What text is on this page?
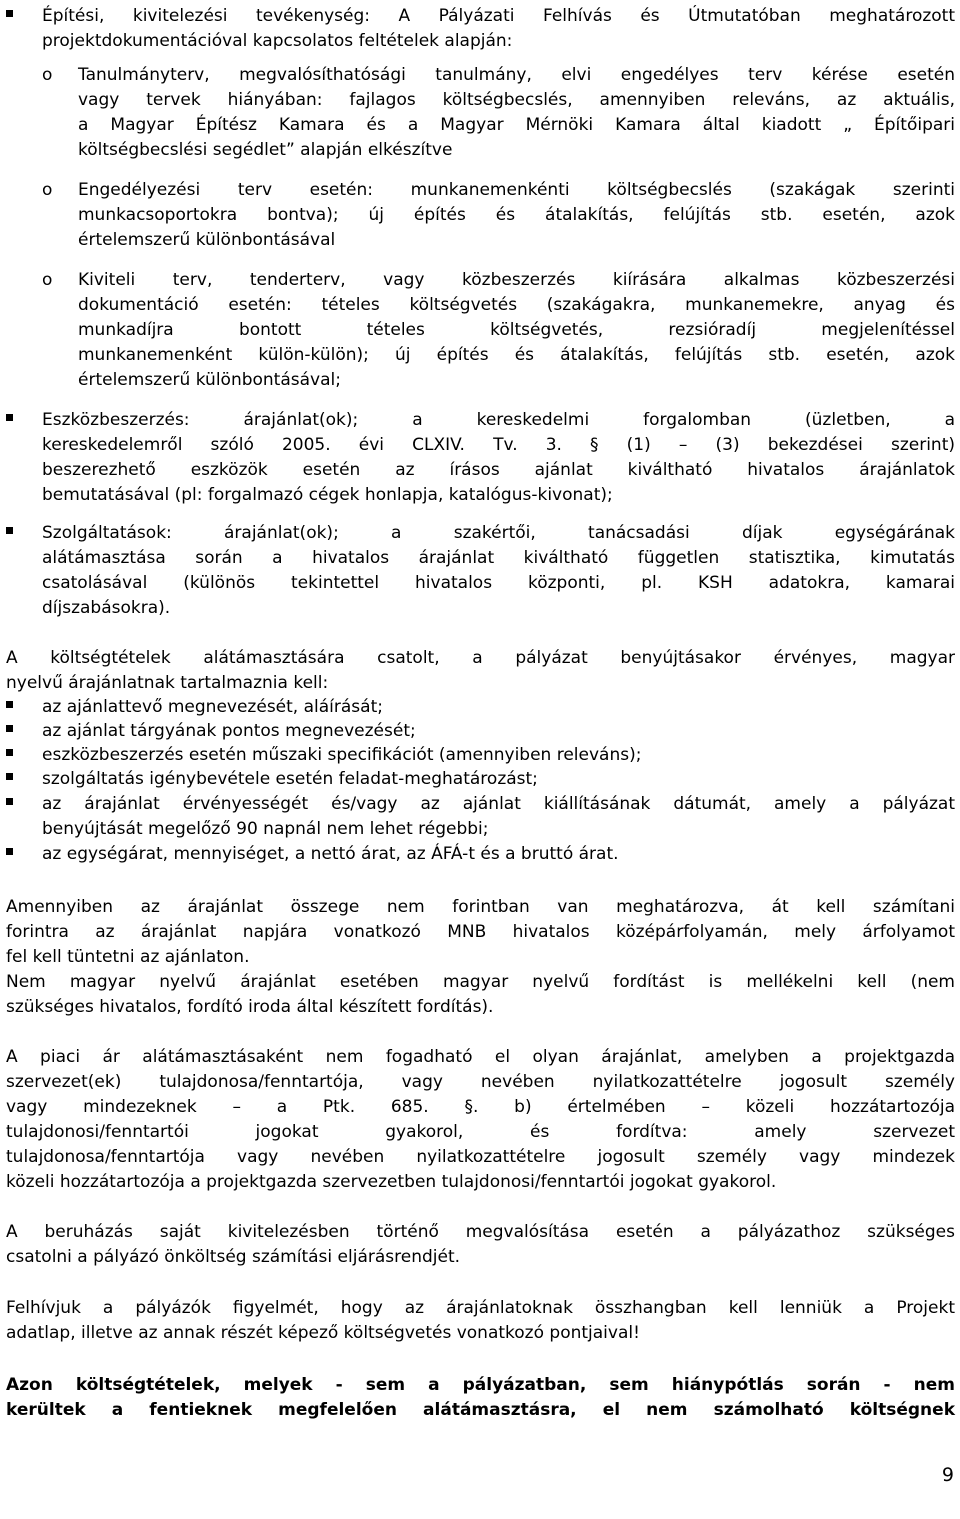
Építési, kivitelezési tevékenység: A Pályázati Felhívás és Útmutatóban meghatározott
projektdokumentációval kapcsolatos feltételek alapján:
o Tanulmányterv, megvalósíthatósági tanulmány, elvi engedélyes terv kérése esetén
vagy tervek hiányában: fajlagos költségbecslés, amennyiben releváns, az aktuális,
a Magyar Építész Kamara és a Magyar Mérnöki Kamara által kiadott „ Építőipari
költségbecslési segédlet” alapján elkészítve
o Engedélyezési terv esetén: munkanemenkénti költségbecslés (szakágak szerinti
munkacsoportokra bontva); új építés és átalakítás, felújítás stb. esetén, azok
értelemszerű különbontásával
o Kiviteli terv, tenderterv, vagy közbeszerzés kiírására alkalmas közbeszerzési
dokumentáció esetén: tételes költségvetés (szakágakra, munkanemekre, anyag és
munkadíjra bontott tételes költségvetés, rezsióradíj megjelenítéssel
munkanemenként külön-külön); új építés és átalakítás, felújítás stb. esetén, azok
értelemszerű különbontásával;
Eszközbeszerzés: árajánlat(ok); a kereskedelmi forgalomban (üzletben, a
kereskedelemről szóló 2005. évi CLXIV. Tv. 3. § (1) – (3) bekezdései szerint)
beszerezhető eszközök esetén az írásos ajánlat kiváltható hivatalos árajánlatok
bemutatásával (pl: forgalmazó cégek honlapja, katalógus-kivonat);
Szolgáltatások: árajánlat(ok); a szakértői, tanácsadási díjak egységárának
alátámasztása során a hivatalos árajánlat kiváltható független statisztika, kimutatás
csatolásával (különös tekintettel hivatalos központi, pl. KSH adatokra, kamarai
díjszabásokra).
A költségtételek alátámasztására csatolt, a pályázat benyújtásakor érvényes, magyar
nyelvű árajánlatnak tartalmaznia kell:
az ajánlattevő megnevezését, aláírását;
az ajánlat tárgyának pontos megnevezését;
eszközbeszerzés esetén műszaki specifikációt (amennyiben releváns);
szolgáltatás igénybevétele esetén feladat-meghatározást;
az árajánlat érvényességét és/vagy az ajánlat kiállításának dátumát, amely a pályázat
benyújtását megelőző 90 napnál nem lehet régebbi;
az egységárat, mennyiséget, a nettó árat, az ÁFÁ-t és a bruttó árat.
Amennyiben az árajánlat összege nem forintban van meghatározva, át kell számítani
forintra az árajánlat napjára vonatkozó MNB hivatalos középárfolyamán, mely árfolyamot
fel kell tüntetni az ajánlaton.
Nem magyar nyelvű árajánlat esetében magyar nyelvű fordítást is mellékelni kell (nem
szükséges hivatalos, fordító iroda által készített fordítás).
A piaci ár alátámasztásaként nem fogadható el olyan árajánlat, amelyben a projektgazda
szervezet(ek) tulajdonosa/fenntartója, vagy nevében nyilatkozattételre jogosult személy
vagy mindezeknek – a Ptk. 685. §. b) értelmében – közeli hozzátartozója
tulajdonosi/fenntartói jogokat gyakorol, és fordítva: amely szervezet
tulajdonosa/fenntartója vagy nevében nyilatkozattételre jogosult személy vagy mindezek
közeli hozzátartozója a projektgazda szervezetben tulajdonosi/fenntartói jogokat gyakorol.
A beruházás saját kivitelezésben történő megvalósítása esetén a pályázathoz szükséges
csatolni a pályázó önköltség számítási eljárásrendjét.
Felhívjuk a pályázók figyelmét, hogy az árajánlatoknak összhangban kell lenniük a Projekt
adatlap, illetve az annak részét képező költségvetés vonatkozó pontjaival!
Azon költségtételek, melyek - sem a pályázatban, sem hiánypótlás során - nem
kerültek a fentieknek megfelelően alátámasztásra, el nem számolható költségnek
9
